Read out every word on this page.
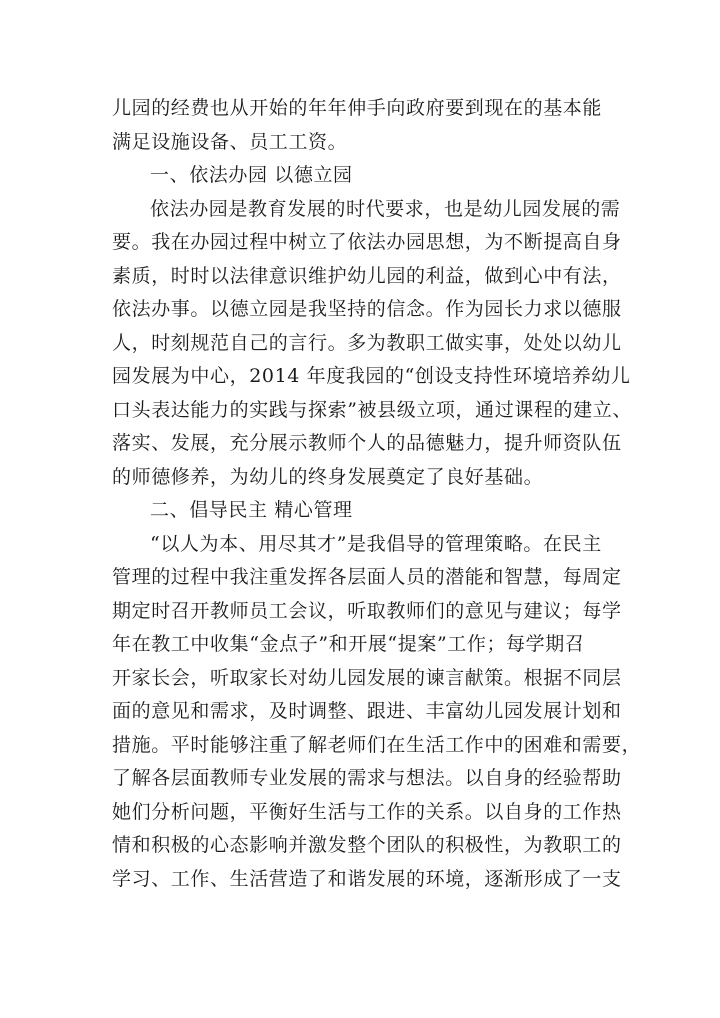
儿园的经费也从开始的年年伸手向政府要到现在的基本能
满足设施设备、员工工资。
一、依法办园 以德立园
依法办园是教育发展的时代要求，也是幼儿园发展的需
要。我在办园过程中树立了依法办园思想，为不断提高自身
素质，时时以法律意识维护幼儿园的利益，做到心中有法，
依法办事。以德立园是我坚持的信念。作为园长力求以德服
人，时刻规范自己的言行。多为教职工做实事，处处以幼儿
园发展为中心，2014 年度我园的“创设支持性环境培养幼儿
口头表达能力的实践与探索”被县级立项，通过课程的建立、
落实、发展，充分展示教师个人的品德魅力，提升师资队伍
的师德修养，为幼儿的终身发展奠定了良好基础。
二、倡导民主 精心管理
“以人为本、用尽其才”是我倡导的管理策略。在民主
管理的过程中我注重发挥各层面人员的潜能和智慧，每周定
期定时召开教师员工会议，听取教师们的意见与建议；每学
年在教工中收集“金点子”和开展“提案”工作；每学期召
开家长会，听取家长对幼儿园发展的谏言献策。根据不同层
面的意见和需求，及时调整、跟进、丰富幼儿园发展计划和
措施。平时能够注重了解老师们在生活工作中的困难和需要，
了解各层面教师专业发展的需求与想法。以自身的经验帮助
她们分析问题，平衡好生活与工作的关系。以自身的工作热
情和积极的心态影响并激发整个团队的积极性，为教职工的
学习、工作、生活营造了和谐发展的环境，逐渐形成了一支
